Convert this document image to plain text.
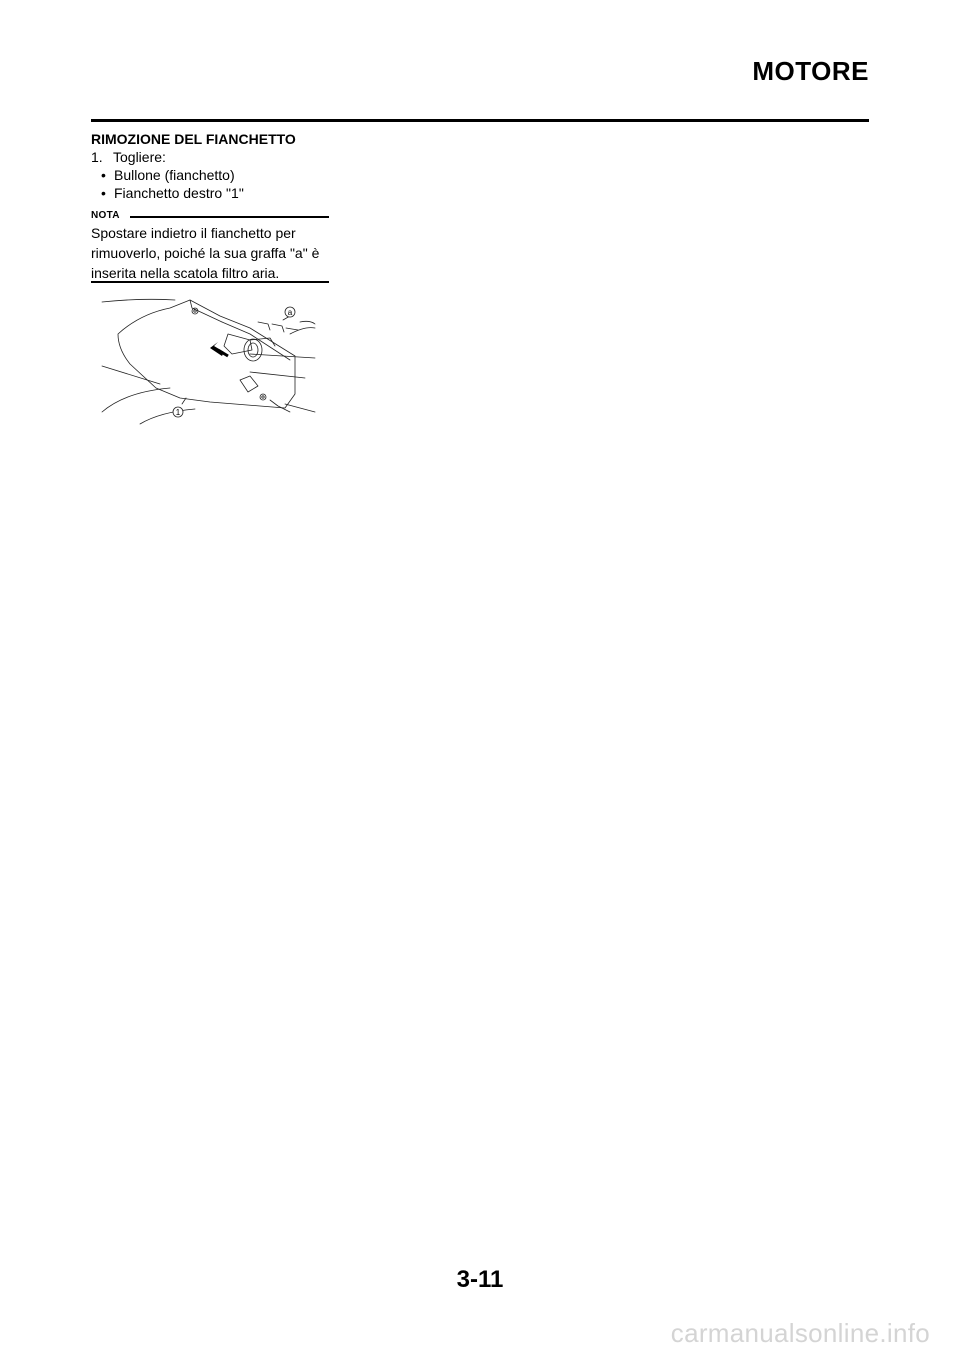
MOTORE
RIMOZIONE DEL FIANCHETTO
1. Togliere:
• Bullone (fianchetto)
• Fianchetto destro "1"
NOTA
Spostare indietro il fianchetto per rimuoverlo, poiché la sua graffa "a" è inserita nella scatola filtro aria.
a
1
3-11
carmanualsonline.info
